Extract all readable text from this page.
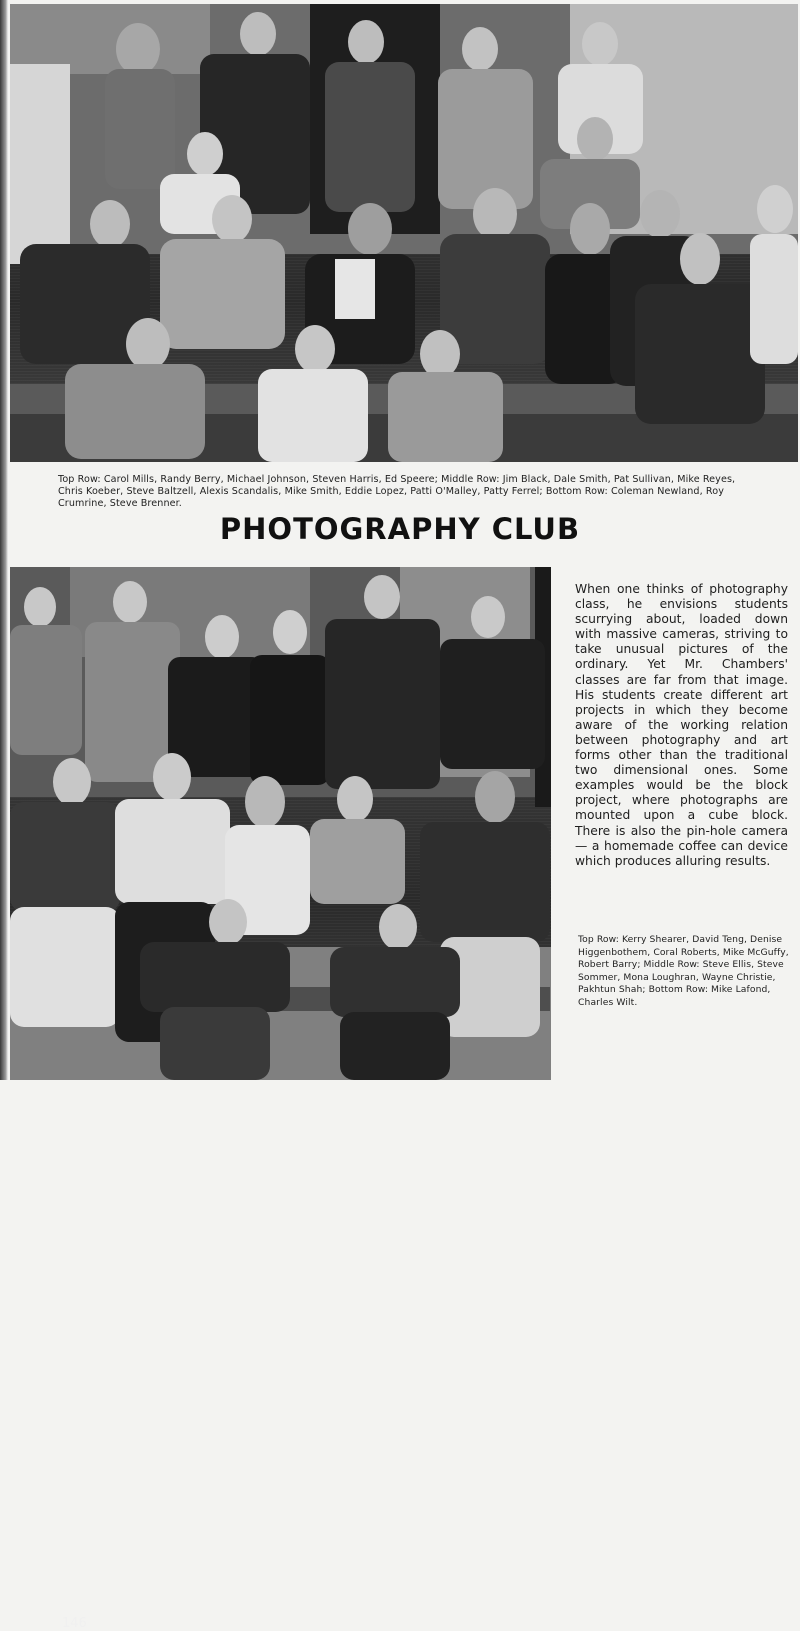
Top Row: Carol Mills, Randy Berry, Michael Johnson, Steven Harris, Ed Speere; Middle Row: Jim Black, Dale Smith, Pat Sullivan, Mike Reyes, Chris Koeber, Steve Baltzell, Alexis Scandalis, Mike Smith, Eddie Lopez, Patti O'Malley, Patty Ferrel; Bottom Row: Coleman Newland, Roy Crumrine, Steve Brenner.
PHOTOGRAPHY CLUB
146
When one thinks of photography class, he envisions students scurrying about, loaded down with massive cameras, striving to take unusual pictures of the ordinary. Yet Mr. Chambers' classes are far from that image. His students create different art projects in which they become aware of the working relation between photography and art forms other than the traditional two dimensional ones. Some examples would be the block project, where photographs are mounted upon a cube block. There is also the pin-hole camera — a homemade coffee can device which produces alluring results.
Top Row: Kerry Shearer, David Teng, Denise Higgenbothem, Coral Roberts, Mike McGuffy, Robert Barry; Middle Row: Steve Ellis, Steve Sommer, Mona Loughran, Wayne Christie, Pakhtun Shah; Bottom Row: Mike Lafond, Charles Wilt.
